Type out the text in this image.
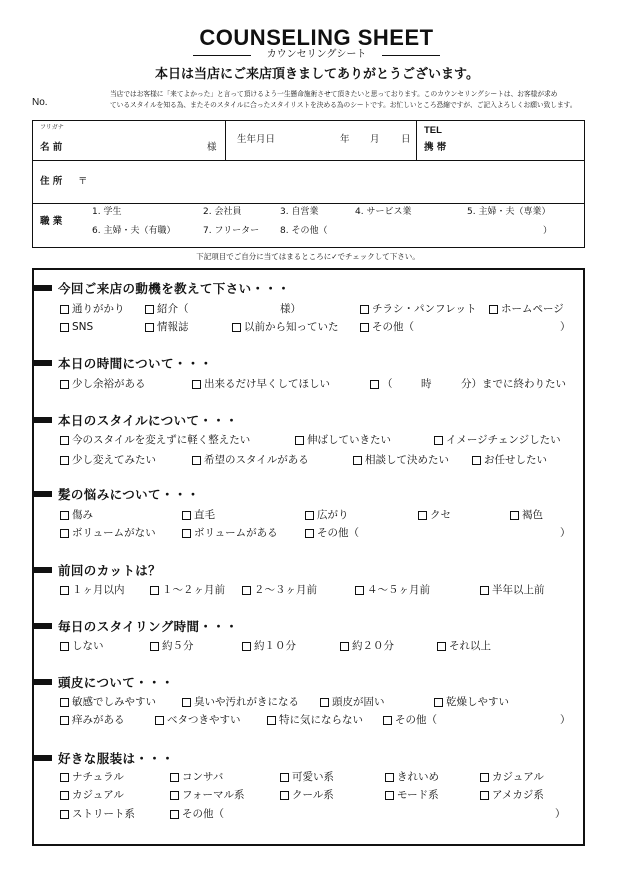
COUNSELING SHEET
カウンセリングシート
本日は当店にご来店頂きましてありがとうございます。
No.
当店ではお客様に「来てよかった」と言って頂けるよう一生懸命施術させて頂きたいと思っております。このカウンセリングシートは、お客様が求め
ているスタイルを知る為、またそのスタイルに合ったスタイリストを決める為のシートです。お忙しいところ恐縮ですが、ご記入よろしくお願い致します。
フリガナ
名 前	様
生年月日	年 月 日
TEL
携 帯
住 所 〒
職 業
1. 学生	2. 会社員	3. 自営業	4. サービス業	5. 主婦・夫（専業）
6. 主婦・夫（有職）	7. フリーター 8. その他（	）
下記項目でご自分に当てはまるところに✓でチェックして下さい。
今回ご来店の動機を教えて下さい・・・
通りがかり	紹介（	様）	チラシ・パンフレット ホームページ
SNS	情報誌	以前から知っていた	その他（	）
本日の時間について・・・
少し余裕がある	出来るだけ早くしてほしい	（	時	分）までに終わりたい
本日のスタイルについて・・・
今のスタイルを変えずに軽く整えたい	伸ばしていきたい	イメージチェンジしたい
少し変えてみたい	希望のスタイルがある	相談して決めたい	お任せしたい
髪の悩みについて・・・
傷み	直毛	広がり	クセ	褐色
ボリュームがない	ボリュームがある	その他（	）
前回のカットは？
１ヶ月以内	１～２ヶ月前	２～３ヶ月前	４～５ヶ月前	半年以上前
毎日のスタイリング時間・・・
しない	約５分	約１０分	約２０分	それ以上
頭皮について・・・
敏感でしみやすい	臭いや汚れがきになる	頭皮が固い	乾燥しやすい
痒みがある	ベタつきやすい	特に気にならない	その他（	）
好きな服装は・・・
ナチュラル	コンサバ	可愛い系	きれいめ	カジュアル
カジュアル	フォーマル系	クール系	モード系	アメカジ系
ストリート系	その他（	）
